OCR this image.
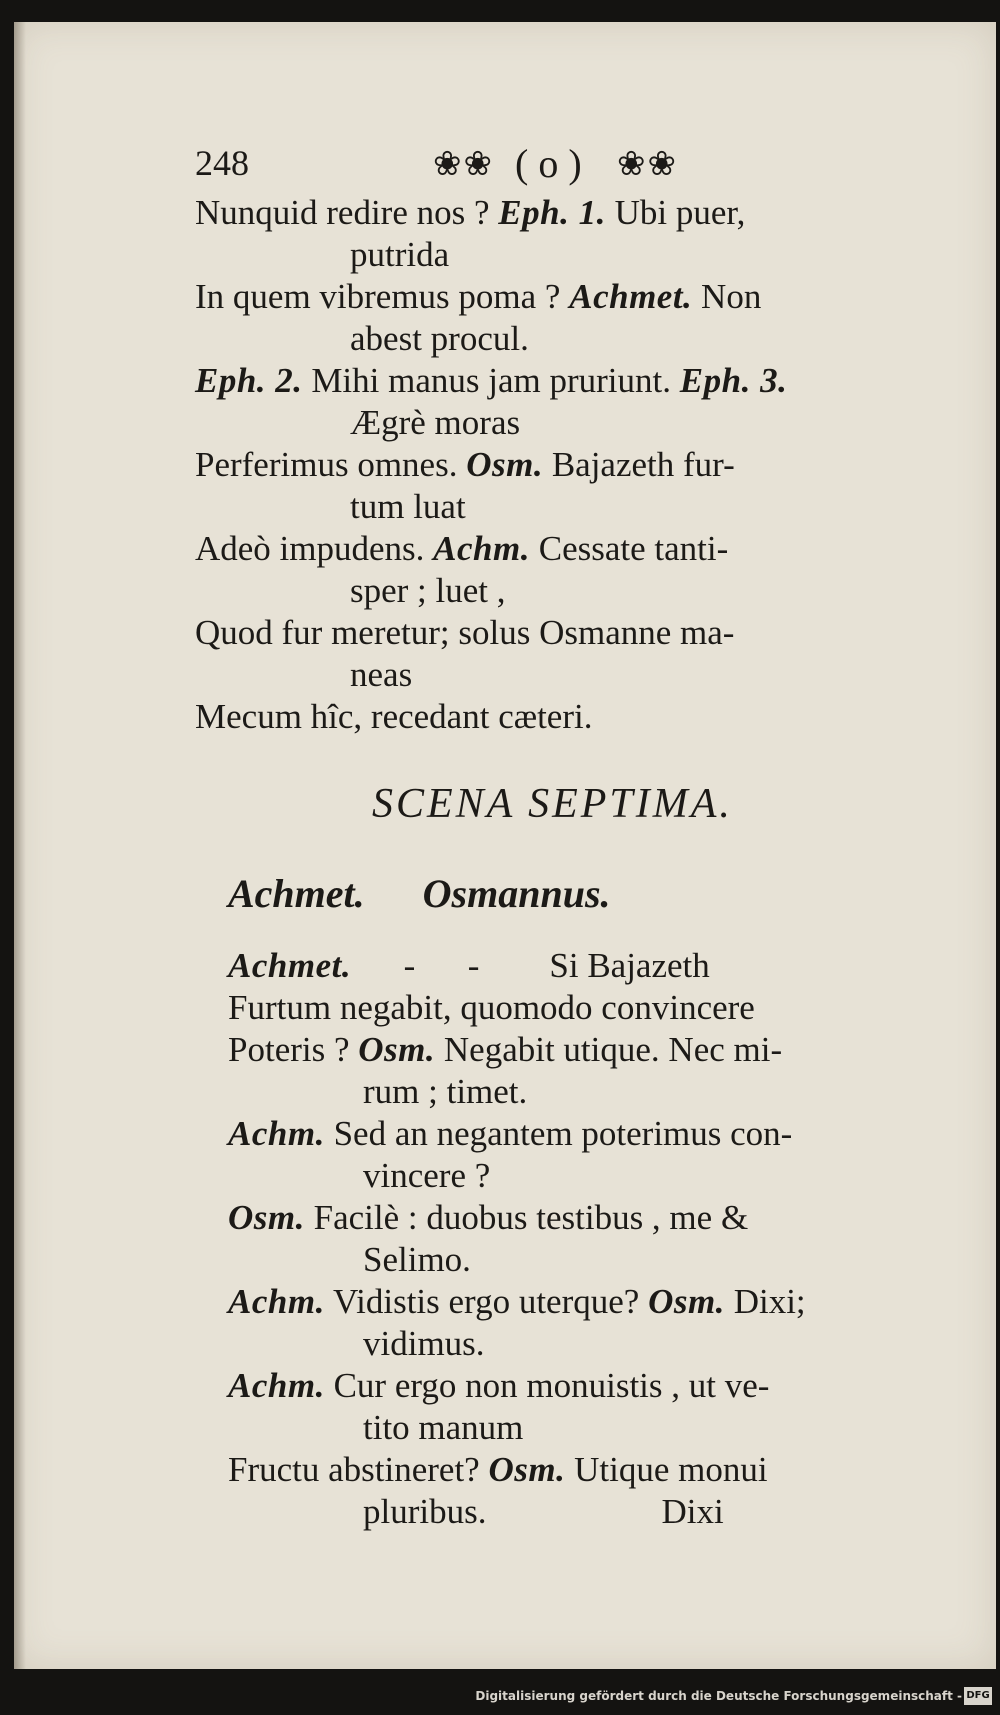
248	❀❀ ( o ) ❀❀
Nunquid redire nos ? Eph. 1. Ubi puer,
putrida
In quem vibremus poma ? Achmet. Non
abest procul.
Eph. 2. Mihi manus jam pruriunt. Eph. 3.
Ægrè moras
Perferimus omnes. Osm. Bajazeth fur-
tum luat
Adeò impudens. Achm. Cessate tanti-
sper ; luet ,
Quod fur meretur; solus Osmanne ma-
neas
Mecum hîc, recedant cæteri.
SCENA SEPTIMA.
Achmet. Osmannus.
Achmet.      -      -        Si Bajazeth
Furtum negabit, quomodo convincere
Poteris ? Osm. Negabit utique. Nec mi-
rum ; timet.
Achm. Sed an negantem poterimus con-
vincere ?
Osm. Facilè : duobus testibus , me &
Selimo.
Achm. Vidistis ergo uterque? Osm. Dixi;
vidimus.
Achm. Cur ergo non monuistis , ut ve-
tito manum
Fructu abstineret? Osm. Utique monui
pluribus.                    Dixi
Digitalisierung gefördert durch die Deutsche Forschungsgemeinschaft - DFG
